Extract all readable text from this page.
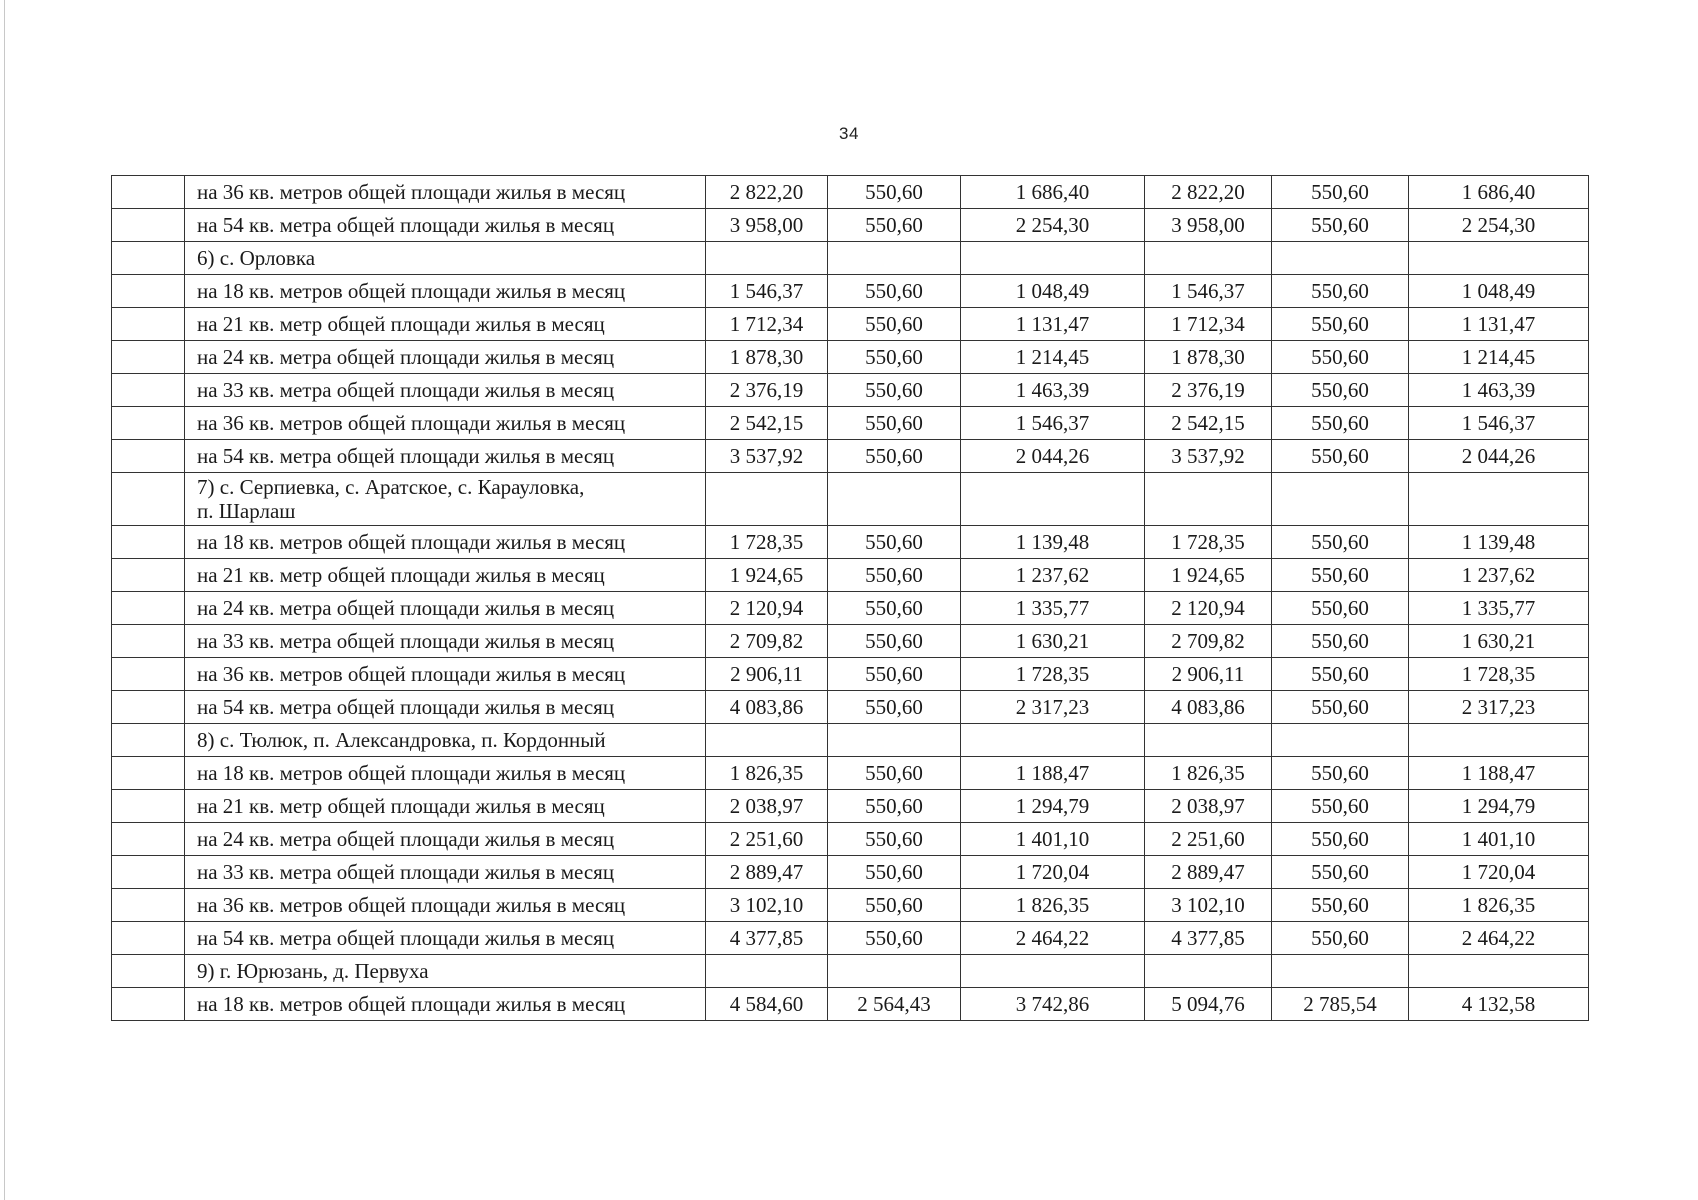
34
	на 36 кв. метров общей площади жилья в месяц	2 822,20	550,60	1 686,40	2 822,20	550,60	1 686,40
	на 54 кв. метра общей площади жилья в месяц	3 958,00	550,60	2 254,30	3 958,00	550,60	2 254,30

	6) с. Орловка						

	на 18 кв. метров общей площади жилья в месяц	1 546,37	550,60	1 048,49	1 546,37	550,60	1 048,49
	на 21 кв. метр общей площади жилья в месяц	1 712,34	550,60	1 131,47	1 712,34	550,60	1 131,47
	на 24 кв. метра общей площади жилья в месяц	1 878,30	550,60	1 214,45	1 878,30	550,60	1 214,45
	на 33 кв. метра общей площади жилья в месяц	2 376,19	550,60	1 463,39	2 376,19	550,60	1 463,39
	на 36 кв. метров общей площади жилья в месяц	2 542,15	550,60	1 546,37	2 542,15	550,60	1 546,37
	на 54 кв. метра общей площади жилья в месяц	3 537,92	550,60	2 044,26	3 537,92	550,60	2 044,26

	7) с. Серпиевка, с. Аратское, с. Карауловка,
п. Шарлаш						

	на 18 кв. метров общей площади жилья в месяц	1 728,35	550,60	1 139,48	1 728,35	550,60	1 139,48
	на 21 кв. метр общей площади жилья в месяц	1 924,65	550,60	1 237,62	1 924,65	550,60	1 237,62
	на 24 кв. метра общей площади жилья в месяц	2 120,94	550,60	1 335,77	2 120,94	550,60	1 335,77
	на 33 кв. метра общей площади жилья в месяц	2 709,82	550,60	1 630,21	2 709,82	550,60	1 630,21
	на 36 кв. метров общей площади жилья в месяц	2 906,11	550,60	1 728,35	2 906,11	550,60	1 728,35
	на 54 кв. метра общей площади жилья в месяц	4 083,86	550,60	2 317,23	4 083,86	550,60	2 317,23

	8) с. Тюлюк, п. Александровка, п. Кордонный						

	на 18 кв. метров общей площади жилья в месяц	1 826,35	550,60	1 188,47	1 826,35	550,60	1 188,47
	на 21 кв. метр общей площади жилья в месяц	2 038,97	550,60	1 294,79	2 038,97	550,60	1 294,79
	на 24 кв. метра общей площади жилья в месяц	2 251,60	550,60	1 401,10	2 251,60	550,60	1 401,10
	на 33 кв. метра общей площади жилья в месяц	2 889,47	550,60	1 720,04	2 889,47	550,60	1 720,04
	на 36 кв. метров общей площади жилья в месяц	3 102,10	550,60	1 826,35	3 102,10	550,60	1 826,35
	на 54 кв. метра общей площади жилья в месяц	4 377,85	550,60	2 464,22	4 377,85	550,60	2 464,22

	9) г. Юрюзань, д. Первуха						

	на 18 кв. метров общей площади жилья в месяц	4 584,60	2 564,43	3 742,86	5 094,76	2 785,54	4 132,58
